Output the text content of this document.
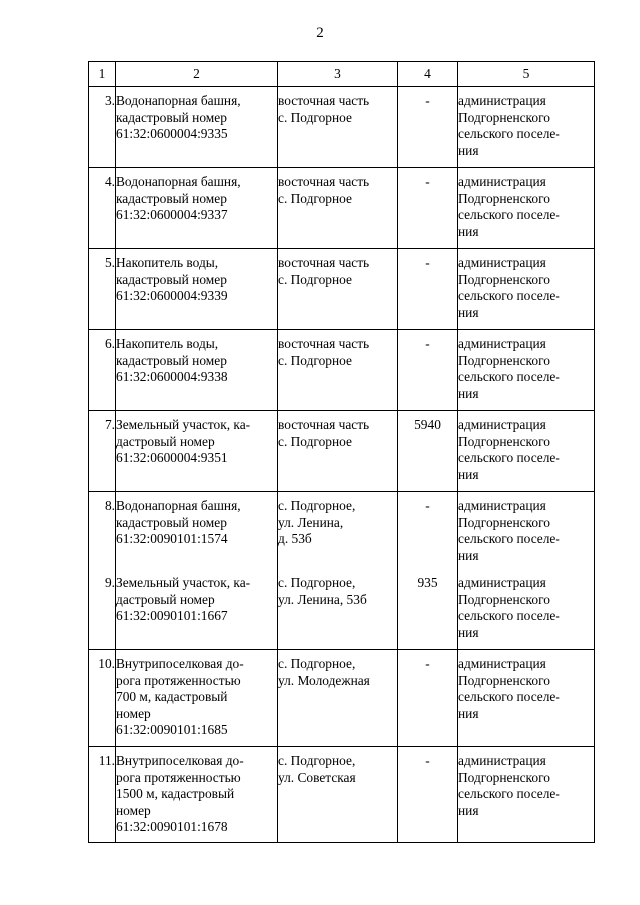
2
1	2	3	4	5
3.	Водонапорная башня,
кадастровый номер
61:32:0600004:9335	восточная часть
с. Подгорное	-	администрация
Подгорненского
сельского поселе-
ния

4.	Водонапорная башня,
кадастровый номер
61:32:0600004:9337	восточная часть
с. Подгорное	-	администрация
Подгорненского
сельского поселе-
ния

5.	Накопитель воды,
кадастровый номер
61:32:0600004:9339	восточная часть
с. Подгорное	-	администрация
Подгорненского
сельского поселе-
ния

6.	Накопитель воды,
кадастровый номер
61:32:0600004:9338	восточная часть
с. Подгорное	-	администрация
Подгорненского
сельского поселе-
ния

7.	Земельный участок, ка-
дастровый номер
61:32:0600004:9351	восточная часть
с. Подгорное	5940	администрация
Подгорненского
сельского поселе-
ния

8.	Водонапорная башня,
кадастровый номер
61:32:0090101:1574	с. Подгорное,
ул. Ленина,
д. 53б	-	администрация
Подгорненского
сельского поселе-
ния

9.	Земельный участок, ка-
дастровый номер
61:32:0090101:1667	с. Подгорное,
ул. Ленина, 53б	935	администрация
Подгорненского
сельского поселе-
ния

10.	Внутрипоселковая до-
рога протяженностью
700 м, кадастровый
номер
61:32:0090101:1685	с. Подгорное,
ул. Молодежная	-	администрация
Подгорненского
сельского поселе-
ния

11.	Внутрипоселковая до-
рога протяженностью
1500 м, кадастровый
номер
61:32:0090101:1678	с. Подгорное,
ул. Советская	-	администрация
Подгорненского
сельского поселе-
ния
